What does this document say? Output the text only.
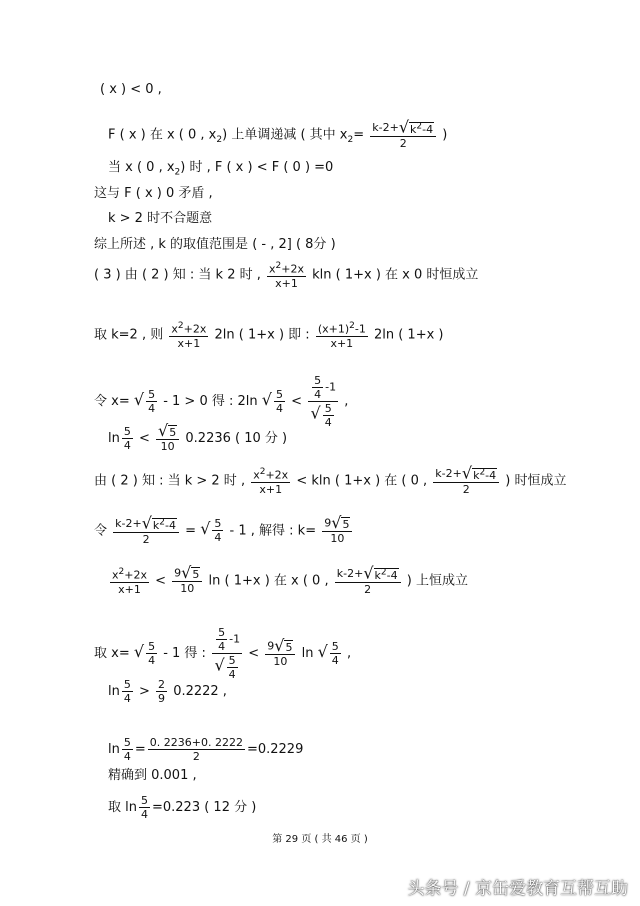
( x ) < 0 ,
F ( x ) 在 x ( 0 , $x_2$) 上单调递减 ( 其中 $x_2= \frac{k-2+√k^2-4}{2}$ )
当 x ( 0 , $x_2$) 时 , F ( x ) < F ( 0 ) =0
这与 F ( x ) 0 矛盾 ,
k > 2 时不合题意
综上所述 , k 的取值范围是 ( - , 2] ( 8分 )
( 3 ) 由 ( 2 ) 知 : 当 k 2 时 , $\frac{x^2+2x}{x+1}$ kln ( 1+x ) 在 x 0 时恒成立
取 k=2 , 则 $\frac{x^2+2x}{x+1} 2\ln$ ( 1+x ) 即 : $\frac{(x+1)^2-1}{x+1} 2\ln$ ( 1+x )
令 x= √ $\frac{5}{4} - 1 > 0$ 得 : 2ln √ $\frac{5}{4} < \frac{\frac{5}{4} -1}{√ \frac{5}{4}}$ ,
$\ln \frac{5}{4} < \frac{√5}{10} 0.2236$ ( 10 分 )
由 ( 2 ) 知 : 当 k > 2 时 , $\frac{x^2+2x}{x+1} < kln$ ( 1+x ) 在 ( 0 , $\frac{k-2+√k^2-4}{2}$ ) 时恒成立
令 $\frac{k-2+√k^2-4}{2}$ = √ $\frac{5}{4} - 1$ , 解得 : $k= \frac{9√5}{10}$
$\frac{x^2+2x}{x+1} < \frac{9√5}{10}$ ln ( 1+x ) 在 x ( 0 , $\frac{k-2+√k^2-4}{2}$ ) 上恒成立
取 x= √ $\frac{5}{4} - 1$ 得 : $\frac{\frac{5}{4} -1}{√ \frac{5}{4}} < \frac{9√5}{10}$ ln √ $\frac{5}{4}$ ,
$\ln \frac{5}{4} > \frac{2}{9} 0.2222$ ,
$\ln \frac{5}{4} = \frac{0. 2236+0. 2222}{2} =0.2229$
精确到 0.001 ,
取 $\ln \frac{5}{4} =0.223$ ( 12 分 )
第 29 页 ( 共 46 页 )
头条号 / 京缶爱教育互帮互助
